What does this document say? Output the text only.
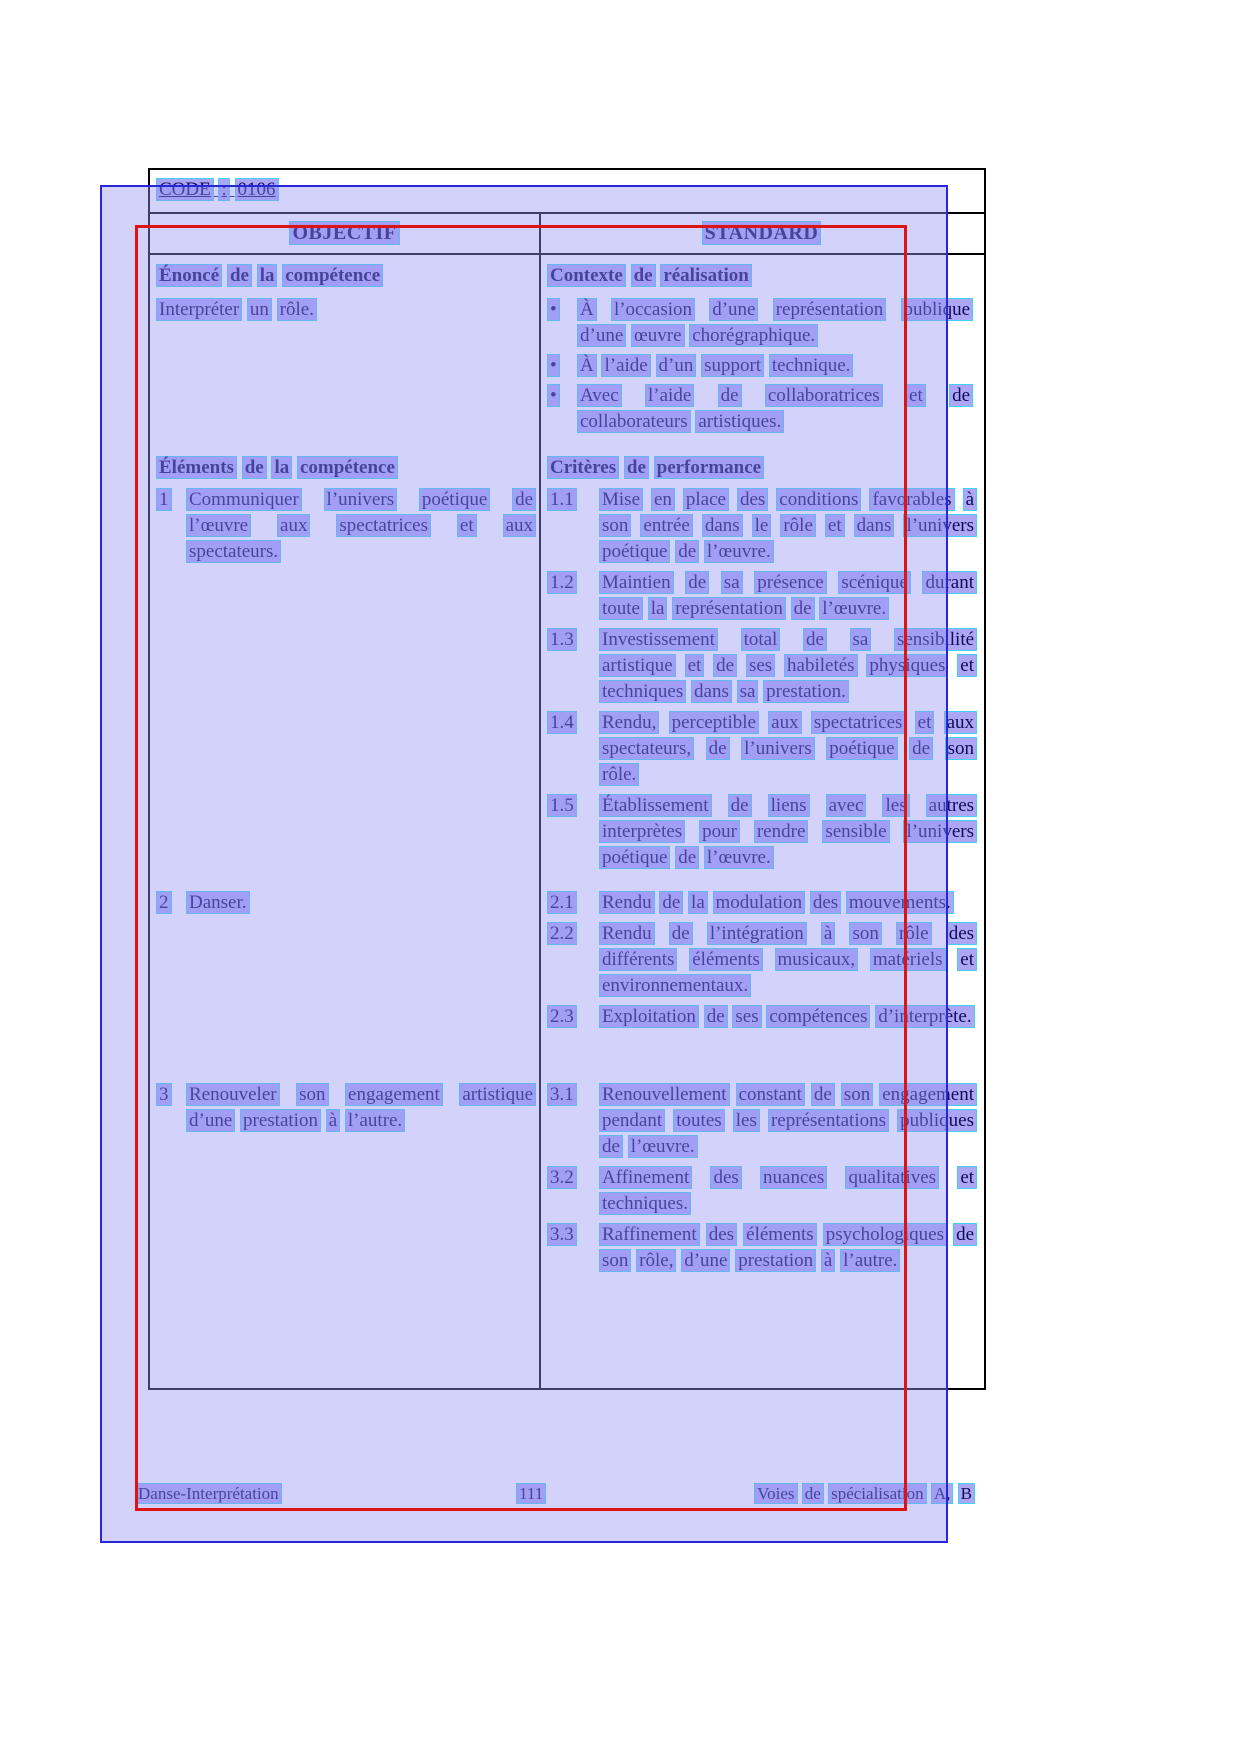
CODE : 0106
OBJECTIF	STANDARD
Énoncé de la compétence	Contexte de réalisation
Interpréter un rôle.	•	À l’occasion d’une représentation publique d’une œuvre chorégraphique.
•	À l’aide d’un support technique.
•	Avec l’aide de collaboratrices et de collaborateurs artistiques.
Éléments de la compétence	Critères de performance
1	Communiquer l’univers poétique de l’œuvre aux spectatrices et aux spectateurs.
1.1	Mise en place des conditions favorables à son entrée dans le rôle et dans l’univers poétique de l’œuvre.
1.2	Maintien de sa présence scénique durant toute la représentation de l’œuvre.
1.3	Investissement total de sa sensibilité artistique et de ses habiletés physiques et techniques dans sa prestation.
1.4	Rendu, perceptible aux spectatrices et aux spectateurs, de l’univers poétique de son rôle.
1.5	Établissement de liens avec les autres interprètes pour rendre sensible l’univers poétique de l’œuvre.
2	Danser.	2.1	Rendu de la modulation des mouvements.
2.2	Rendu de l’intégration à son rôle des différents éléments musicaux, matériels et environnementaux.
2.3	Exploitation de ses compétences d’interprète.
3	Renouveler son engagement artistique d’une prestation à l’autre.
3.1	Renouvellement constant de son engagement pendant toutes les représentations publiques de l’œuvre.
3.2	Affinement des nuances qualitatives et techniques.
3.3	Raffinement des éléments psychologiques de son rôle, d’une prestation à l’autre.
Danse-Interprétation	111	Voies de spécialisation A, B
